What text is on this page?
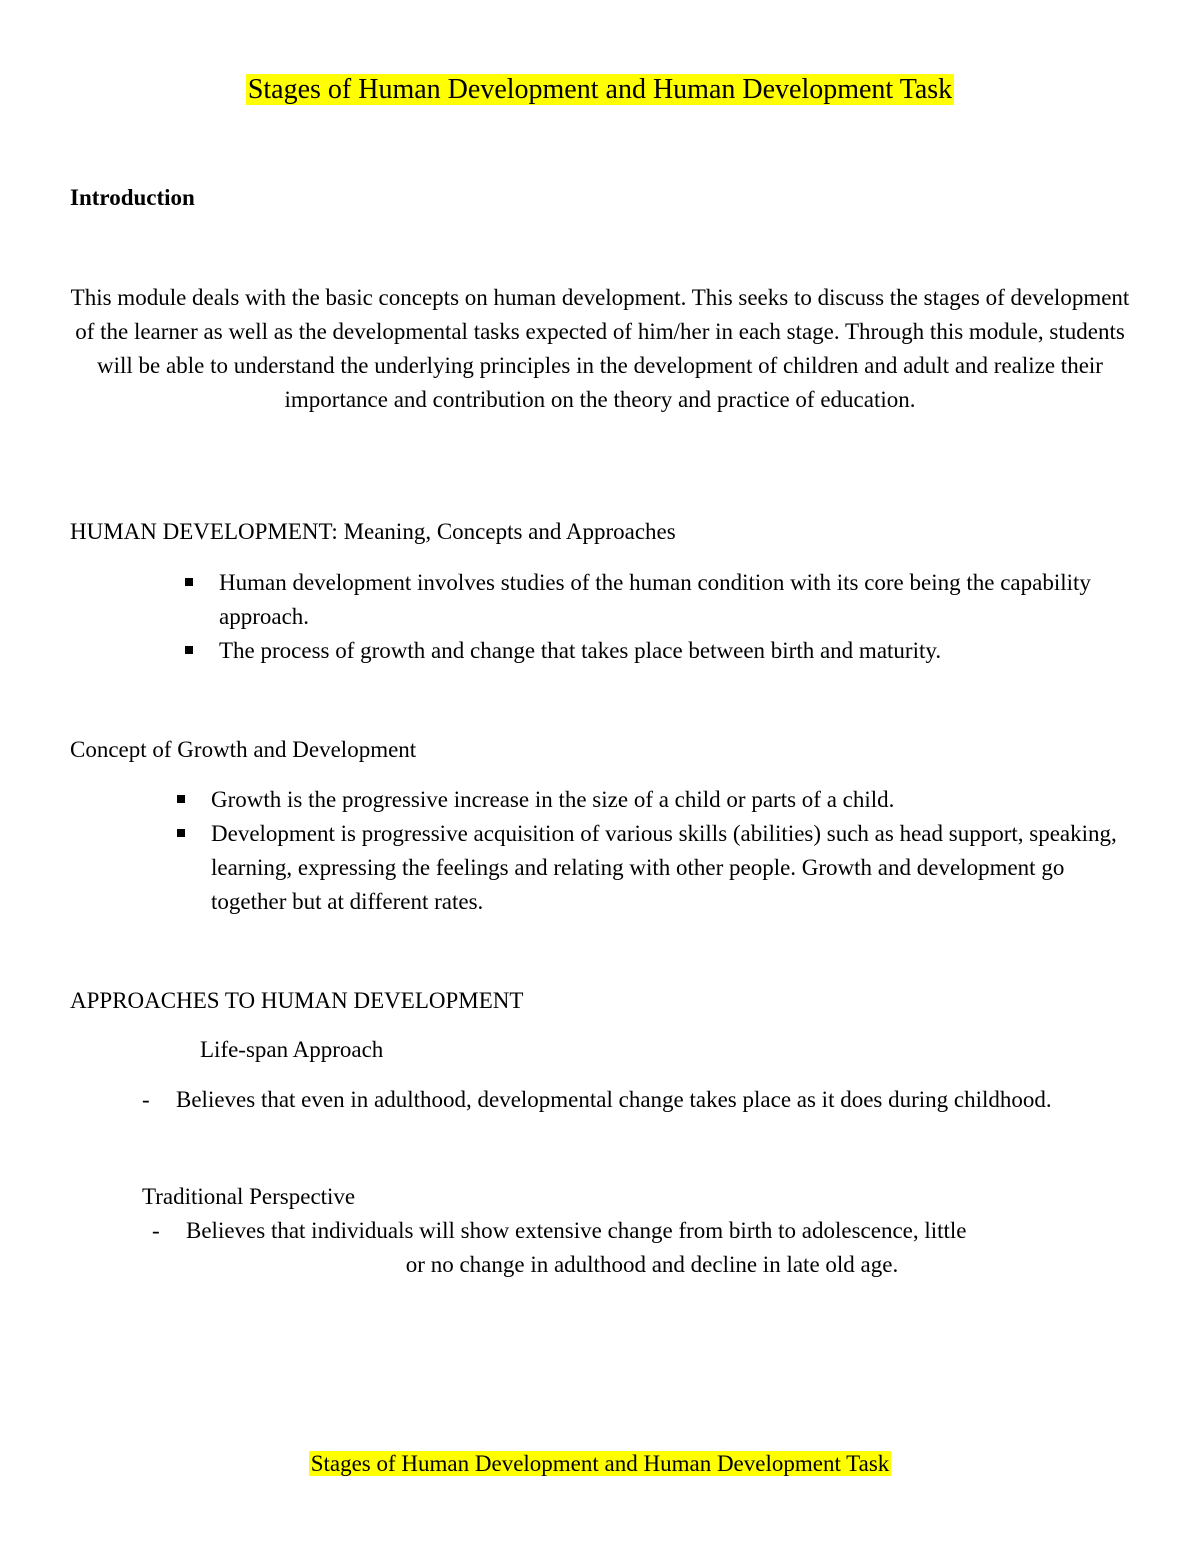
Stages of Human Development and Human Development Task
Introduction
This module deals with the basic concepts on human development. This seeks to discuss the stages of development of the learner as well as the developmental tasks expected of him/her in each stage. Through this module, students will be able to understand the underlying principles in the development of children and adult and realize their importance and contribution on the theory and practice of education.
HUMAN DEVELOPMENT: Meaning, Concepts and Approaches
Human development involves studies of the human condition with its core being the capability approach.
The process of growth and change that takes place between birth and maturity.
Concept of Growth and Development
Growth is the progressive increase in the size of a child or parts of a child.
Development is progressive acquisition of various skills (abilities) such as head support, speaking, learning, expressing the feelings and relating with other people. Growth and development go together but at different rates.
APPROACHES TO HUMAN DEVELOPMENT
Life-span Approach
-	Believes that even in adulthood, developmental change takes place as it does during childhood.
Traditional Perspective
-	Believes that individuals will show extensive change from birth to adolescence, little
or no change in adulthood and decline in late old age.
Stages of Human Development and Human Development Task
